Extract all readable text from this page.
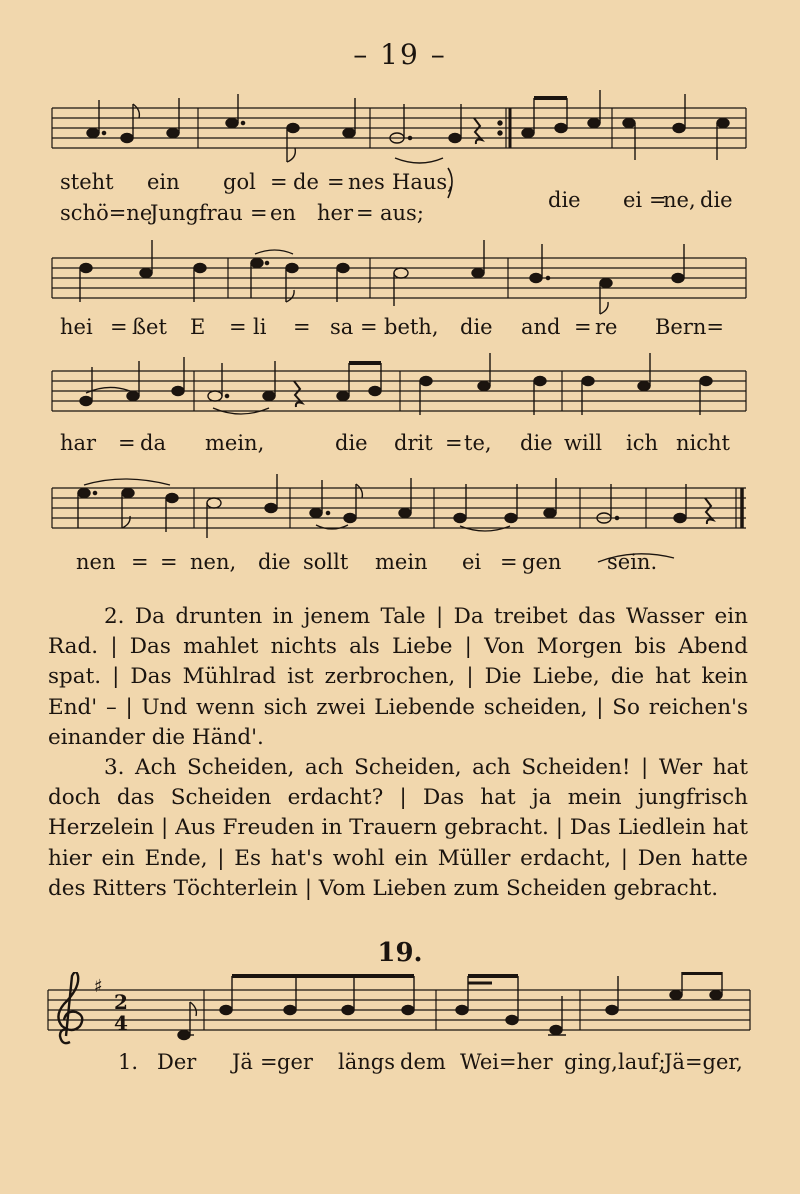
– 19 –
steht ein gol = de = nes Haus,
schö=ne
Jungfrau = en her = aus;
die ei =
ne, die
hei = ßet E = li = sa = beth, die and = re Bern=
har = da mein,	die drit = te, die will ich nicht
nen = = nen, die sollt mein ei = gen sein.

2. Da drunten in jenem Tale | Da treibet das Wasser ein Rad. | Das mahlet nichts als Liebe | Von Morgen bis Abend spat. | Das Mühlrad ist zerbrochen, | Die Liebe, die hat kein End' – | Und wenn sich zwei Liebende scheiden, | So reichen's einander die Händ'.

3. Ach Scheiden, ach Scheiden, ach Scheiden! | Wer hat doch das Scheiden erdacht? | Das hat ja mein jungfrisch Herzelein | Aus Freuden in Trauern gebracht. | Das Liedlein hat hier ein Ende, | Es hat's wohl ein Müller erdacht, | Den hatte des Ritters Töchterlein | Vom Lieben zum Scheiden gebracht.

19.
♯
2
4
1. Der Jä = ger längs dem Wei=her ging, lauf;
Jä=ger,
